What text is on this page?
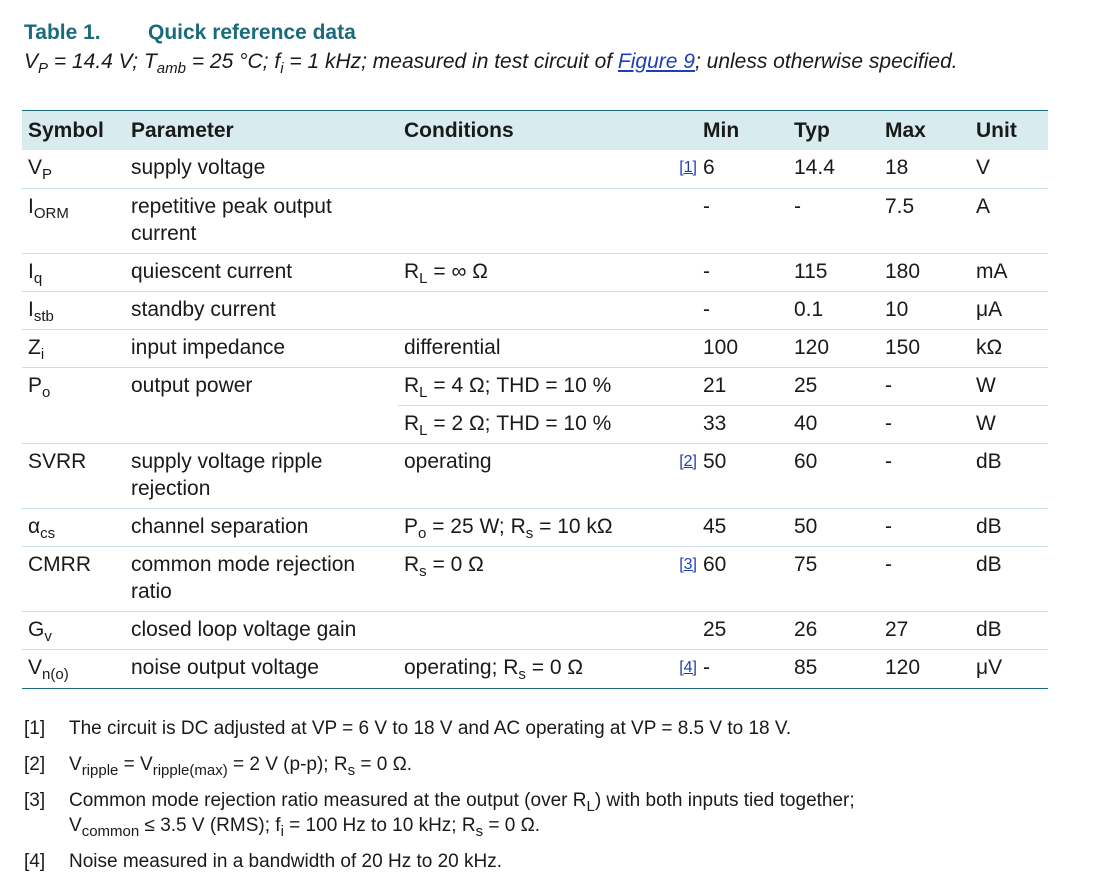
Table 1. Quick reference data
$V_P = 14.4$ V; $T_{amb} = 25$ °C; $f_i = 1$ kHz; measured in test circuit of Figure 9; unless otherwise specified.
Symbol	Parameter	Conditions		Min	Typ	Max	Unit
$V_P$	supply voltage		[1]	6	14.4	18	V
$I_{ORM}$	repetitive peak output current			-	-	7.5	A
$I_q$	quiescent current	$R_L$ = ∞ Ω		-	115	180	mA
$I_{stb}$	standby current			-	0.1	10	μA
$Z_i$	input impedance	differential		100	120	150	kΩ
$P_o$	output power	$R_L = 4$ Ω; THD = 10 %		21	25	-	W
		$R_L = 2$ Ω; THD = 10 %		33	40	-	W
SVRR	supply voltage ripple rejection	operating	[2]	50	60	-	dB
$\alpha_{cs}$	channel separation	$P_o = 25$ W; $R_s = 10$ kΩ		45	50	-	dB
CMRR	common mode rejection ratio	$R_s = 0$ Ω	[3]	60	75	-	dB
$G_v$	closed loop voltage gain			25	26	27	dB
$V_{n(o)}$	noise output voltage	operating; $R_s = 0$ Ω	[4]	-	85	120	μV
[1]	The circuit is DC adjusted at VP = 6 V to 18 V and AC operating at VP = 8.5 V to 18 V.
[2]	$V_{ripple} = V_{ripple(max)} = 2$ V (p-p); $R_s = 0$ Ω.
[3]	Common mode rejection ratio measured at the output (over $R_L$) with both inputs tied together;
$V_{common} \le 3.5$ V (RMS); $f_i = 100$ Hz to 10 kHz; $R_s = 0$ Ω.
[4]	Noise measured in a bandwidth of 20 Hz to 20 kHz.
